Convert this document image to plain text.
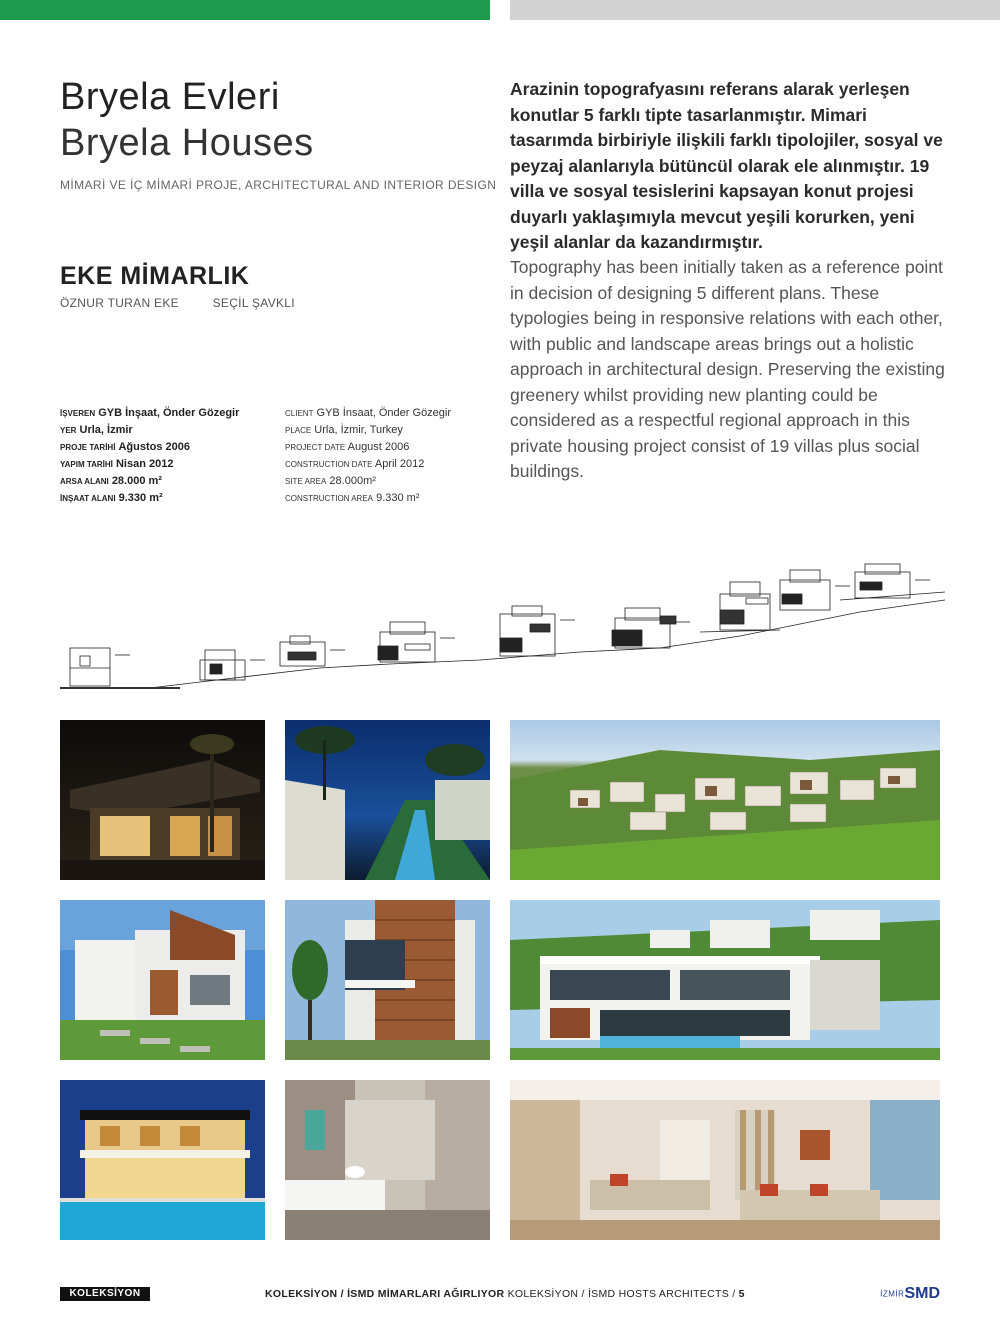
Bryela Evleri
Bryela Houses
MİMARİ VE İÇ MİMARİ PROJE, ARCHITECTURAL AND INTERIOR DESIGN
EKE MİMARLIK
ÖZNUR TURAN EKE	SEÇİL ŞAVKLI
İŞVEREN GYB İnşaat, Önder Gözegir
YER Urla, İzmir
PROJE TARİHİ Ağustos 2006
YAPIM TARİHİ Nisan 2012
ARSA ALANI 28.000 m²
İNŞAAT ALANI 9.330 m²
CLIENT GYB İnsaat, Önder Gözegir
PLACE Urla, İzmir, Turkey
PROJECT DATE August 2006
CONSTRUCTION DATE April 2012
SITE AREA 28.000m²
CONSTRUCTION AREA 9.330 m²

Arazinin topografyasını referans alarak yerleşen konutlar 5 farklı tipte tasarlanmıştır. Mimari tasarımda birbiriyle ilişkili farklı tipolojiler, sosyal ve peyzaj alanlarıyla bütüncül olarak ele alınmıştır. 19 villa ve sosyal tesislerini kapsayan konut projesi duyarlı yaklaşımıyla mevcut yeşili korurken, yeni yeşil alanlar da kazandırmıştır.

Topography has been initially taken as a reference point in decision of designing 5 different plans. These typologies being in responsive relations with each other, with public and landscape areas brings out a holistic approach in architectural design. Preserving the existing greenery whilst providing new planting could be considered as a respectful regional approach in this private housing project consist of 19 villas plus social buildings.

KOLEKSİYON	KOLEKSİYON / İSMD MİMARLARI AĞIRLIYOR KOLEKSİYON / İSMD HOSTS ARCHITECTS / 5	İZMİRSMD
